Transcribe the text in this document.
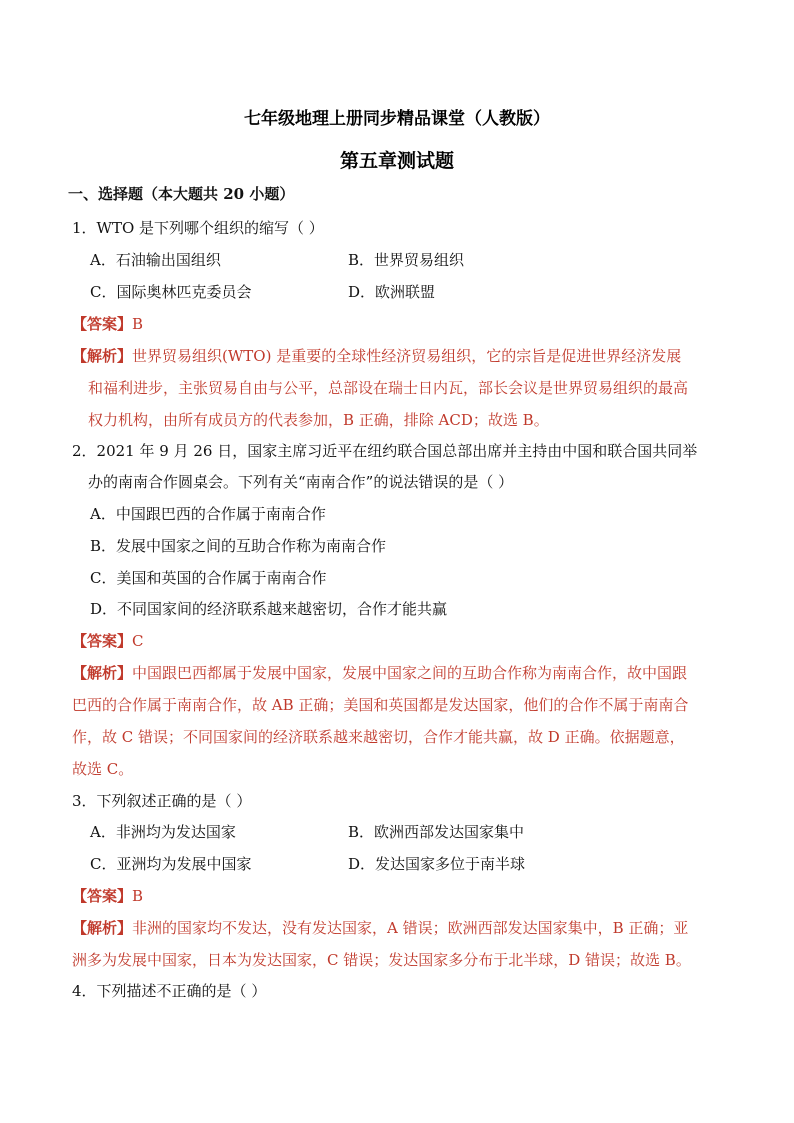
七年级地理上册同步精品课堂（人教版）
第五章测试题
一、选择题（本大题共 20 小题）
1．WTO 是下列哪个组织的缩写（ ）
A．石油输出国组织	B．世界贸易组织
C．国际奥林匹克委员会	D．欧洲联盟
【答案】B
【解析】世界贸易组织(WTO) 是重要的全球性经济贸易组织，它的宗旨是促进世界经济发展
和福利进步，主张贸易自由与公平，总部设在瑞士日内瓦，部长会议是世界贸易组织的最高
权力机构，由所有成员方的代表参加，B 正确，排除 ACD；故选 B。
2．2021 年 9 月 26 日，国家主席习近平在纽约联合国总部出席并主持由中国和联合国共同举
办的南南合作圆桌会。下列有关“南南合作”的说法错误的是（ ）
A．中国跟巴西的合作属于南南合作
B．发展中国家之间的互助合作称为南南合作
C．美国和英国的合作属于南南合作
D．不同国家间的经济联系越来越密切，合作才能共赢
【答案】C
【解析】中国跟巴西都属于发展中国家，发展中国家之间的互助合作称为南南合作，故中国跟
巴西的合作属于南南合作，故 AB 正确；美国和英国都是发达国家，他们的合作不属于南南合
作，故 C 错误；不同国家间的经济联系越来越密切，合作才能共赢，故 D 正确。依据题意，
故选 C。
3．下列叙述正确的是（ ）
A．非洲均为发达国家	B．欧洲西部发达国家集中
C．亚洲均为发展中国家	D．发达国家多位于南半球
【答案】B
【解析】非洲的国家均不发达，没有发达国家，A 错误；欧洲西部发达国家集中，B 正确；亚
洲多为发展中国家，日本为发达国家，C 错误；发达国家多分布于北半球，D 错误；故选 B。
4．下列描述不正确的是（ ）
